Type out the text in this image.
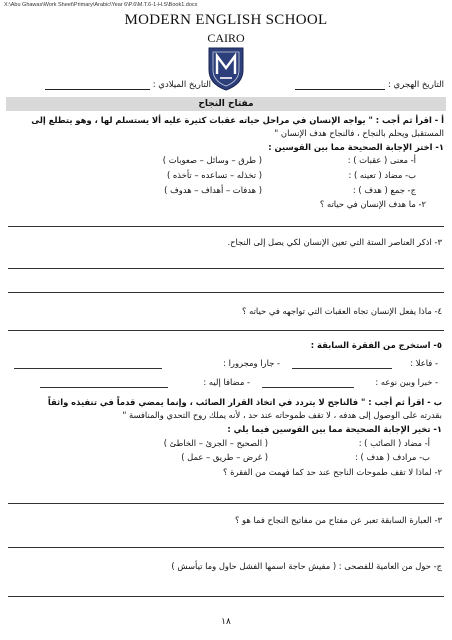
X:\Abu Ghawas\Work Sheet\Primary\Arabic\Year 6\P.6\M.T.6-1-H.S\Book1.docx
MODERN ENGLISH SCHOOL
CAIRO
التاريخ الهجري :
التاريخ الميلادي :
مفتاح النجاح
أ - اقرأ ثم أجب : " يواجه الإنسان في مراحل حياته عقبات كثيرة عليه ألا يستسلم لها ، وهو يتطلع إلى
المستقبل ويحلم بالنجاح ، فالنجاح هدف الإنسان "
١- اختر الإجابة الصحيحة مما بين القوسين :
أ- معنى ( عقبات ) :
( طرق – وسائل – صعوبات )
ب- مضاد ( تعينه ) :
( تخذله – تساعده – تأخذه )
ج- جمع ( هدف ) :
( هدفات – أهداف – هدوف )
٢- ما هدف الإنسان في حياته ؟
٣- اذكر العناصر الستة التي تعين الإنسان لكي يصل إلى النجاح.
٤- ماذا يفعل الإنسان تجاه العقبات التي تواجهه في حياته ؟
٥- استخرج من الفقرة السابقة :
- فاعلا :
- جارا ومجرورا :
- خبرا وبين نوعه :
- مضافا إليه :
ب - اقرأ ثم أجب : " فالناجح لا يتردد في اتخاذ القرار الصائب ، وإنما يمضي قدماً في تنفيذه واثقاً
بقدرته على الوصول إلى هدفه ، لا تقف طموحاته عند حد ، لأنه يملك روح التحدي والمنافسة "
١- تخير الإجابة الصحيحة مما بين القوسين فيما يلي :
أ- مضاد ( الصائب ) :
( الصحيح – الجرئ – الخاطئ )
ب- مرادف ( هدف ) :
( غرض – طريق – عمل )
٢- لماذا لا تقف طموحات الناجح عند حد كما فهمت من الفقرة ؟
٣- العبارة السابقة تعبر عن مفتاح من مفاتيح النجاح فما هو ؟
ج- حول من العامية للفصحى : ( مفيش حاجة اسمها الفشل حاول وما تيأسش )
١٨
